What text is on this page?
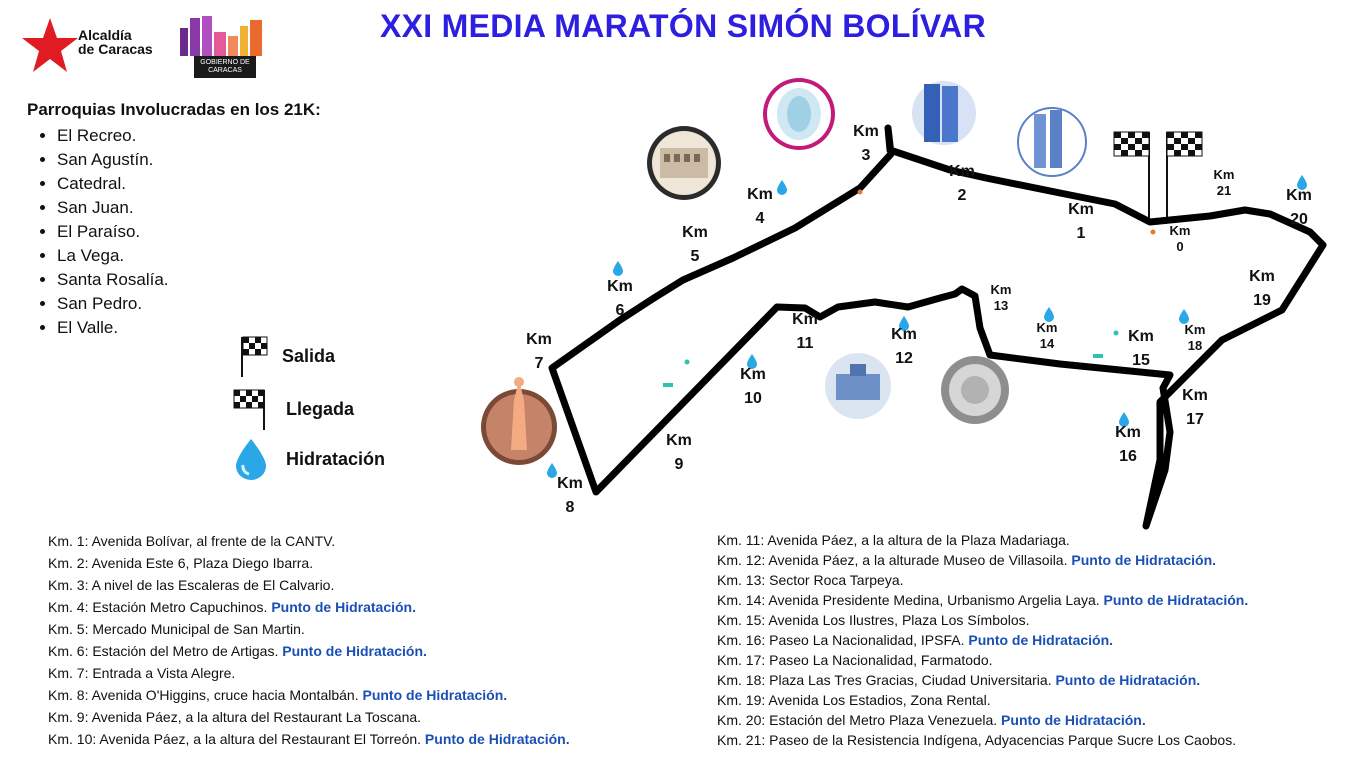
XXI MEDIA MARATÓN SIMÓN BOLÍVAR
Alcaldía
de Caracas
GOBIERNO DE CARACAS
Parroquias Involucradas en los 21K:
• El Recreo.
• San Agustín.
• Catedral.
• San Juan.
• El Paraíso.
• La Vega.
• Santa Rosalía.
• San Pedro.
• El Valle.
Salida
Llegada
Hidratación
Km 0
Km 1
Km 2
Km 3
Km 4
Km 5
Km 6
Km 7
Km 8
Km 9
Km 10
Km 11
Km 12
Km 13
Km 14	Km 15
Km 16
Km 17
Km 18
Km 19
Km 20
Km 21
Km. 1: Avenida Bolívar, al frente de la CANTV.
Km. 2: Avenida Este 6, Plaza Diego Ibarra.
Km. 3: A nivel de las Escaleras de El Calvario.
Km. 4: Estación Metro Capuchinos. Punto de Hidratación.
Km. 5: Mercado Municipal de San Martin.
Km. 6: Estación del Metro de Artigas. Punto de Hidratación.
Km. 7: Entrada a Vista Alegre.
Km. 8: Avenida O'Higgins, cruce hacia Montalbán. Punto de Hidratación.
Km. 9: Avenida Páez, a la altura del Restaurant La Toscana.
Km. 10: Avenida Páez, a la altura del Restaurant El Torreón. Punto de Hidratación.
Km. 11: Avenida Páez, a la altura de la Plaza Madariaga.
Km. 12: Avenida Páez, a la alturade Museo de Villasoila. Punto de Hidratación.
Km. 13: Sector Roca Tarpeya.
Km. 14: Avenida Presidente Medina, Urbanismo Argelia Laya. Punto de Hidratación.
Km. 15: Avenida Los Ilustres, Plaza Los Símbolos.
Km. 16: Paseo La Nacionalidad, IPSFA. Punto de Hidratación.
Km. 17: Paseo La Nacionalidad, Farmatodo.
Km. 18: Plaza Las Tres Gracias, Ciudad Universitaria. Punto de Hidratación.
Km. 19: Avenida Los Estadios, Zona Rental.
Km. 20: Estación del Metro Plaza Venezuela. Punto de Hidratación.
Km. 21: Paseo de la Resistencia Indígena, Adyacencias Parque Sucre Los Caobos.
